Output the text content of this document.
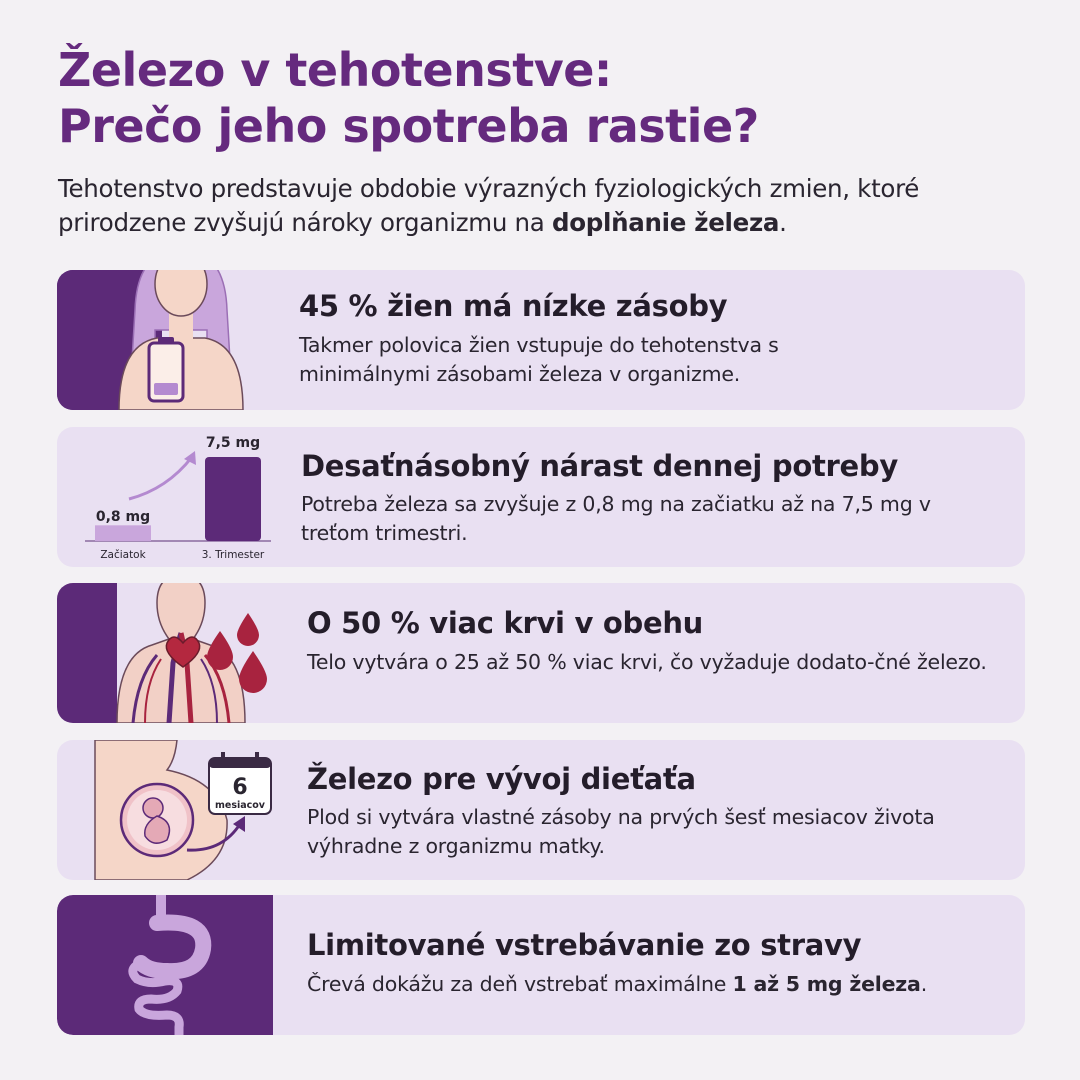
Železo v tehotenstve:
Prečo jeho spotreba rastie?
Tehotenstvo predstavuje obdobie výrazných fyziologických zmien, ktoré prirodzene zvyšujú nároky organizmu na doplňanie železa.
45 % žien má nízke zásoby

Takmer polovica žien vstupuje do tehotenstva s minimálnymi zásobami železa v organizme.

0,8 mg
7,5 mg
Začiatok	3. Trimester
Desaťnásobný nárast dennej potreby

Potreba železa sa zvyšuje z 0,8 mg na začiatku až na 7,5 mg v treťom trimestri.

O 50 % viac krvi v obehu

Telo vytvára o 25 až 50 % viac krvi, čo vyžaduje dodato-čné železo.

6
mesiacov
Železo pre vývoj dieťaťa

Plod si vytvára vlastné zásoby na prvých šesť mesiacov života výhradne z organizmu matky.

Limitované vstrebávanie zo stravy

Črevá dokážu za deň vstrebať maximálne 1 až 5 mg železa.
